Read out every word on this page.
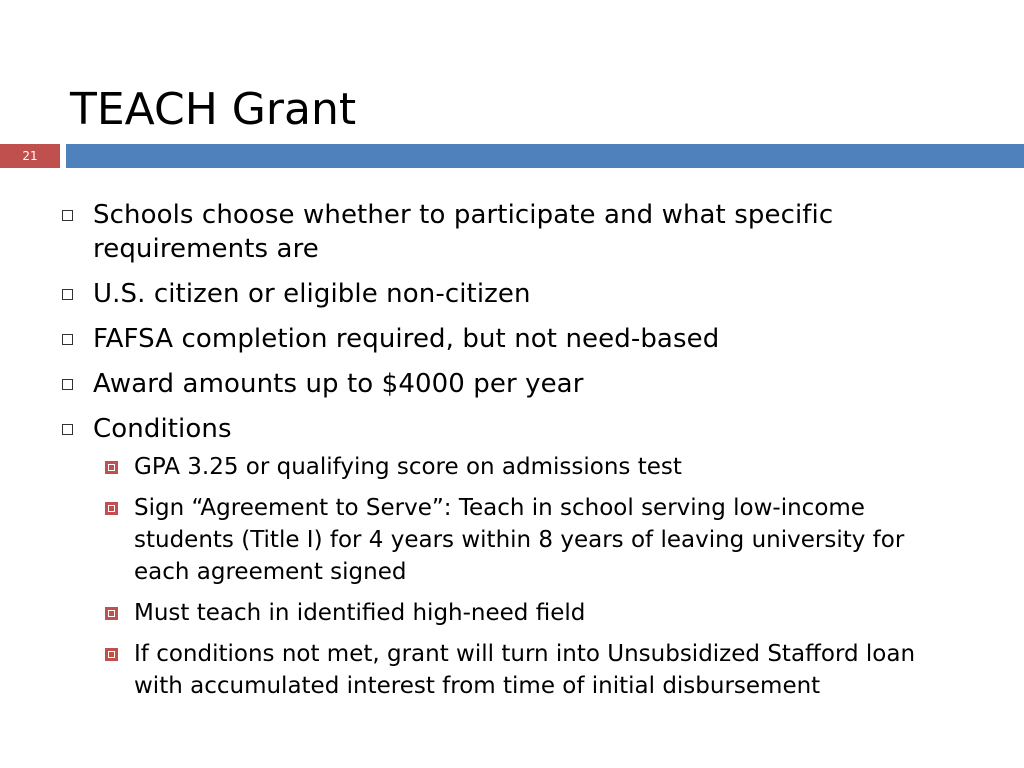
TEACH Grant
21
Schools choose whether to participate and what specific requirements are
U.S. citizen or eligible non-citizen
FAFSA completion required, but not need-based
Award amounts up to $4000 per year
Conditions
GPA 3.25 or qualifying score on admissions test
Sign “Agreement to Serve”: Teach in school serving low-income students (Title I) for 4 years within 8 years of leaving university for each agreement signed
Must teach in identified high-need field
If conditions not met, grant will turn into Unsubsidized Stafford loan with accumulated interest from time of initial disbursement
